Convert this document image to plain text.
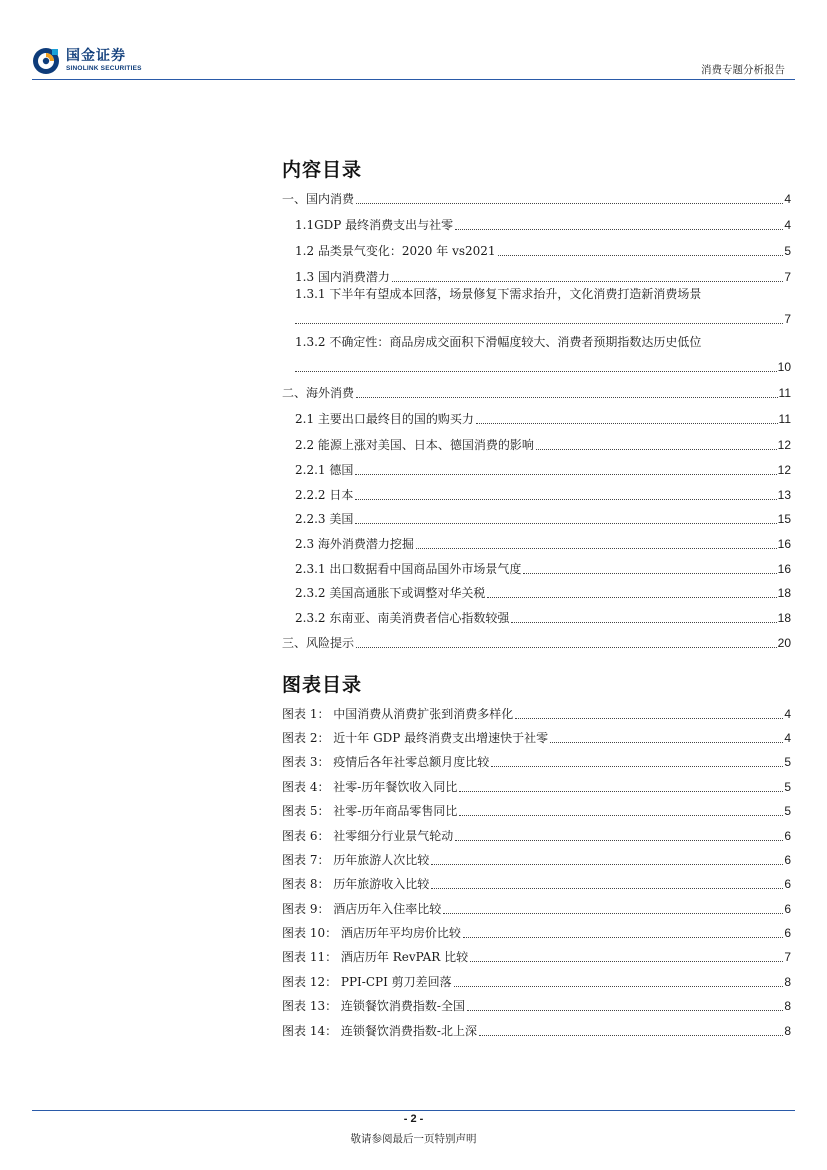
国金证券
SINOLINK SECURITIES	消费专题分析报告
内容目录
一、国内消费	4
1.1GDP 最终消费支出与社零	4
1.2 品类景气变化：2020 年 vs2021	5
1.3 国内消费潜力	7
1.3.1 下半年有望成本回落，场景修复下需求抬升，文化消费打造新消费场景
7
1.3.2 不确定性：商品房成交面积下滑幅度较大、消费者预期指数达历史低位
10
二、海外消费	11
2.1 主要出口最终目的国的购买力	11
2.2 能源上涨对美国、日本、德国消费的影响	12
2.2.1 德国	12
2.2.2 日本	13
2.2.3 美国	15
2.3 海外消费潜力挖掘	16
2.3.1 出口数据看中国商品国外市场景气度	16
2.3.2 美国高通胀下或调整对华关税	18
2.3.2 东南亚、南美消费者信心指数较强	18
三、风险提示	20
图表目录
图表 1： 中国消费从消费扩张到消费多样化	4
图表 2： 近十年 GDP 最终消费支出增速快于社零	4
图表 3： 疫情后各年社零总额月度比较	5
图表 4： 社零-历年餐饮收入同比	5
图表 5： 社零-历年商品零售同比	5
图表 6： 社零细分行业景气轮动	6
图表 7： 历年旅游人次比较	6
图表 8： 历年旅游收入比较	6
图表 9： 酒店历年入住率比较	6
图表 10： 酒店历年平均房价比较	6
图表 11： 酒店历年 RevPAR 比较	7
图表 12： PPI-CPI 剪刀差回落	8
图表 13： 连锁餐饮消费指数-全国	8
图表 14： 连锁餐饮消费指数-北上深	8
- 2 -
敬请参阅最后一页特别声明
